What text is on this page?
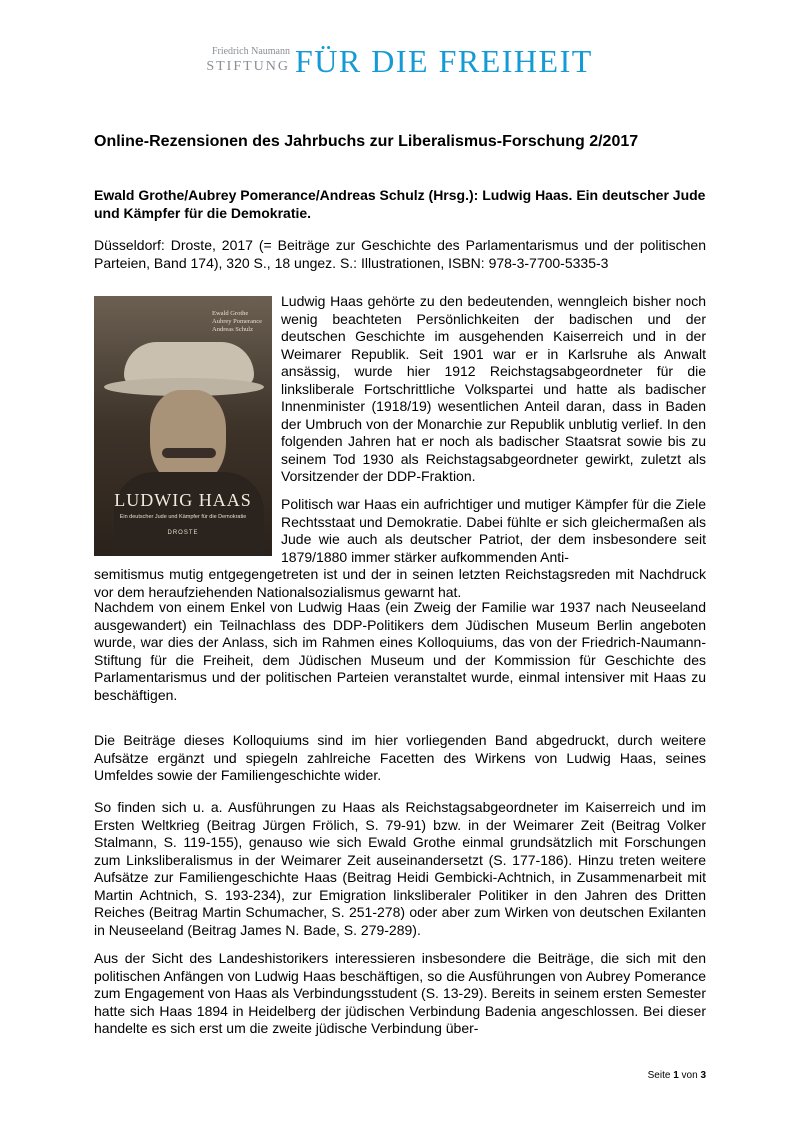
Friedrich Naumann
STIFTUNG FÜR DIE FREIHEIT
Online-Rezensionen des Jahrbuchs zur Liberalismus-Forschung 2/2017
Ewald Grothe/Aubrey Pomerance/Andreas Schulz (Hrsg.): Ludwig Haas. Ein deutscher Jude und Kämpfer für die Demokratie.
Düsseldorf: Droste, 2017 (= Beiträge zur Geschichte des Parlamentarismus und der politischen Parteien, Band 174), 320 S., 18 ungez. S.: Illustrationen, ISBN: 978-3-7700-5335-3
Ewald Grothe
Aubrey Pomerance
Andreas Schulz
LUDWIG HAAS
Ein deutscher Jude und Kämpfer für die Demokratie
DROSTE

Ludwig Haas gehörte zu den bedeutenden, wenngleich bisher noch wenig beachteten Persönlichkeiten der badischen und der deutschen Geschichte im ausgehenden Kaiserreich und in der Weimarer Republik. Seit 1901 war er in Karlsruhe als Anwalt ansässig, wurde hier 1912 Reichstagsabgeordneter für die linksliberale Fortschrittliche Volkspartei und hatte als badischer Innenminister (1918/19) wesentlichen Anteil daran, dass in Baden der Umbruch von der Monarchie zur Republik unblutig verlief. In den folgenden Jahren hat er noch als badischer Staatsrat sowie bis zu seinem Tod 1930 als Reichstagsabgeordneter gewirkt, zuletzt als Vorsitzender der DDP-Fraktion.

Politisch war Haas ein aufrichtiger und mutiger Kämpfer für die Ziele Rechtsstaat und Demokratie. Dabei fühlte er sich gleichermaßen als Jude wie auch als deutscher Patriot, der dem insbesondere seit 1879/1880 immer stärker aufkommenden Anti-

semitismus mutig entgegengetreten ist und der in seinen letzten Reichstagsreden mit Nachdruck vor dem heraufziehenden Nationalsozialismus gewarnt hat.

Nachdem von einem Enkel von Ludwig Haas (ein Zweig der Familie war 1937 nach Neuseeland ausgewandert) ein Teilnachlass des DDP-Politikers dem Jüdischen Museum Berlin angeboten wurde, war dies der Anlass, sich im Rahmen eines Kolloquiums, das von der Friedrich-Naumann-Stiftung für die Freiheit, dem Jüdischen Museum und der Kommission für Geschichte des Parlamentarismus und der politischen Parteien veranstaltet wurde, einmal intensiver mit Haas zu beschäftigen.

Die Beiträge dieses Kolloquiums sind im hier vorliegenden Band abgedruckt, durch weitere Aufsätze ergänzt und spiegeln zahlreiche Facetten des Wirkens von Ludwig Haas, seines Umfeldes sowie der Familiengeschichte wider.

So finden sich u. a. Ausführungen zu Haas als Reichstagsabgeordneter im Kaiserreich und im Ersten Weltkrieg (Beitrag Jürgen Frölich, S. 79-91) bzw. in der Weimarer Zeit (Beitrag Volker Stalmann, S. 119-155), genauso wie sich Ewald Grothe einmal grundsätzlich mit Forschungen zum Linksliberalismus in der Weimarer Zeit auseinandersetzt (S. 177-186). Hinzu treten weitere Aufsätze zur Familiengeschichte Haas (Beitrag Heidi Gembicki-Achtnich, in Zusammenarbeit mit Martin Achtnich, S. 193-234), zur Emigration linksliberaler Politiker in den Jahren des Dritten Reiches (Beitrag Martin Schumacher, S. 251-278) oder aber zum Wirken von deutschen Exilanten in Neuseeland (Beitrag James N. Bade, S. 279-289).

Aus der Sicht des Landeshistorikers interessieren insbesondere die Beiträge, die sich mit den politischen Anfängen von Ludwig Haas beschäftigen, so die Ausführungen von Aubrey Pomerance zum Engagement von Haas als Verbindungsstudent (S. 13-29). Bereits in seinem ersten Semester hatte sich Haas 1894 in Heidelberg der jüdischen Verbindung Badenia angeschlossen. Bei dieser handelte es sich erst um die zweite jüdische Verbindung über-

Seite 1 von 3
